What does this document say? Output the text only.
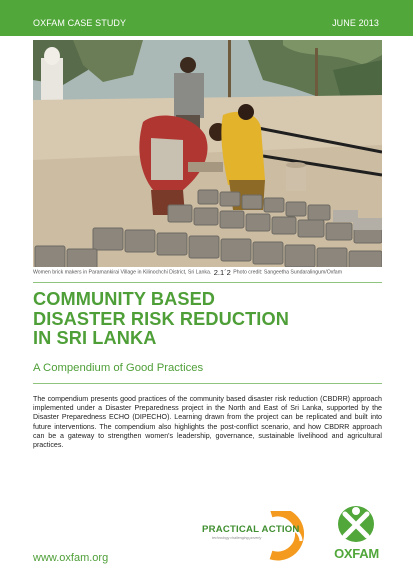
OXFAM CASE STUDY	JUNE 2013
Women brick makers in Paramankirai Village in Kilinochchi District, Sri Lanka. 2.1´2 Photo credit: Sangeetha Sundaralingum/Oxfam
COMMUNITY BASED
DISASTER RISK REDUCTION
IN SRI LANKA
A Compendium of Good Practices
The compendium presents good practices of the community based disaster risk reduction (CBDRR) approach implemented under a Disaster Preparedness project in the North and East of Sri Lanka, supported by the Disaster Preparedness ECHO (DIPECHO). Learning drawn from the project can be replicated and built into future interventions. The compendium also highlights the post-conflict scenario, and how CBDRR approach can be a gateway to strengthen women's leadership, governance, sustainable livelihood and agricultural practices.
www.oxfam.org
PRACTICAL ACTION
technology challenging poverty
OXFAM
